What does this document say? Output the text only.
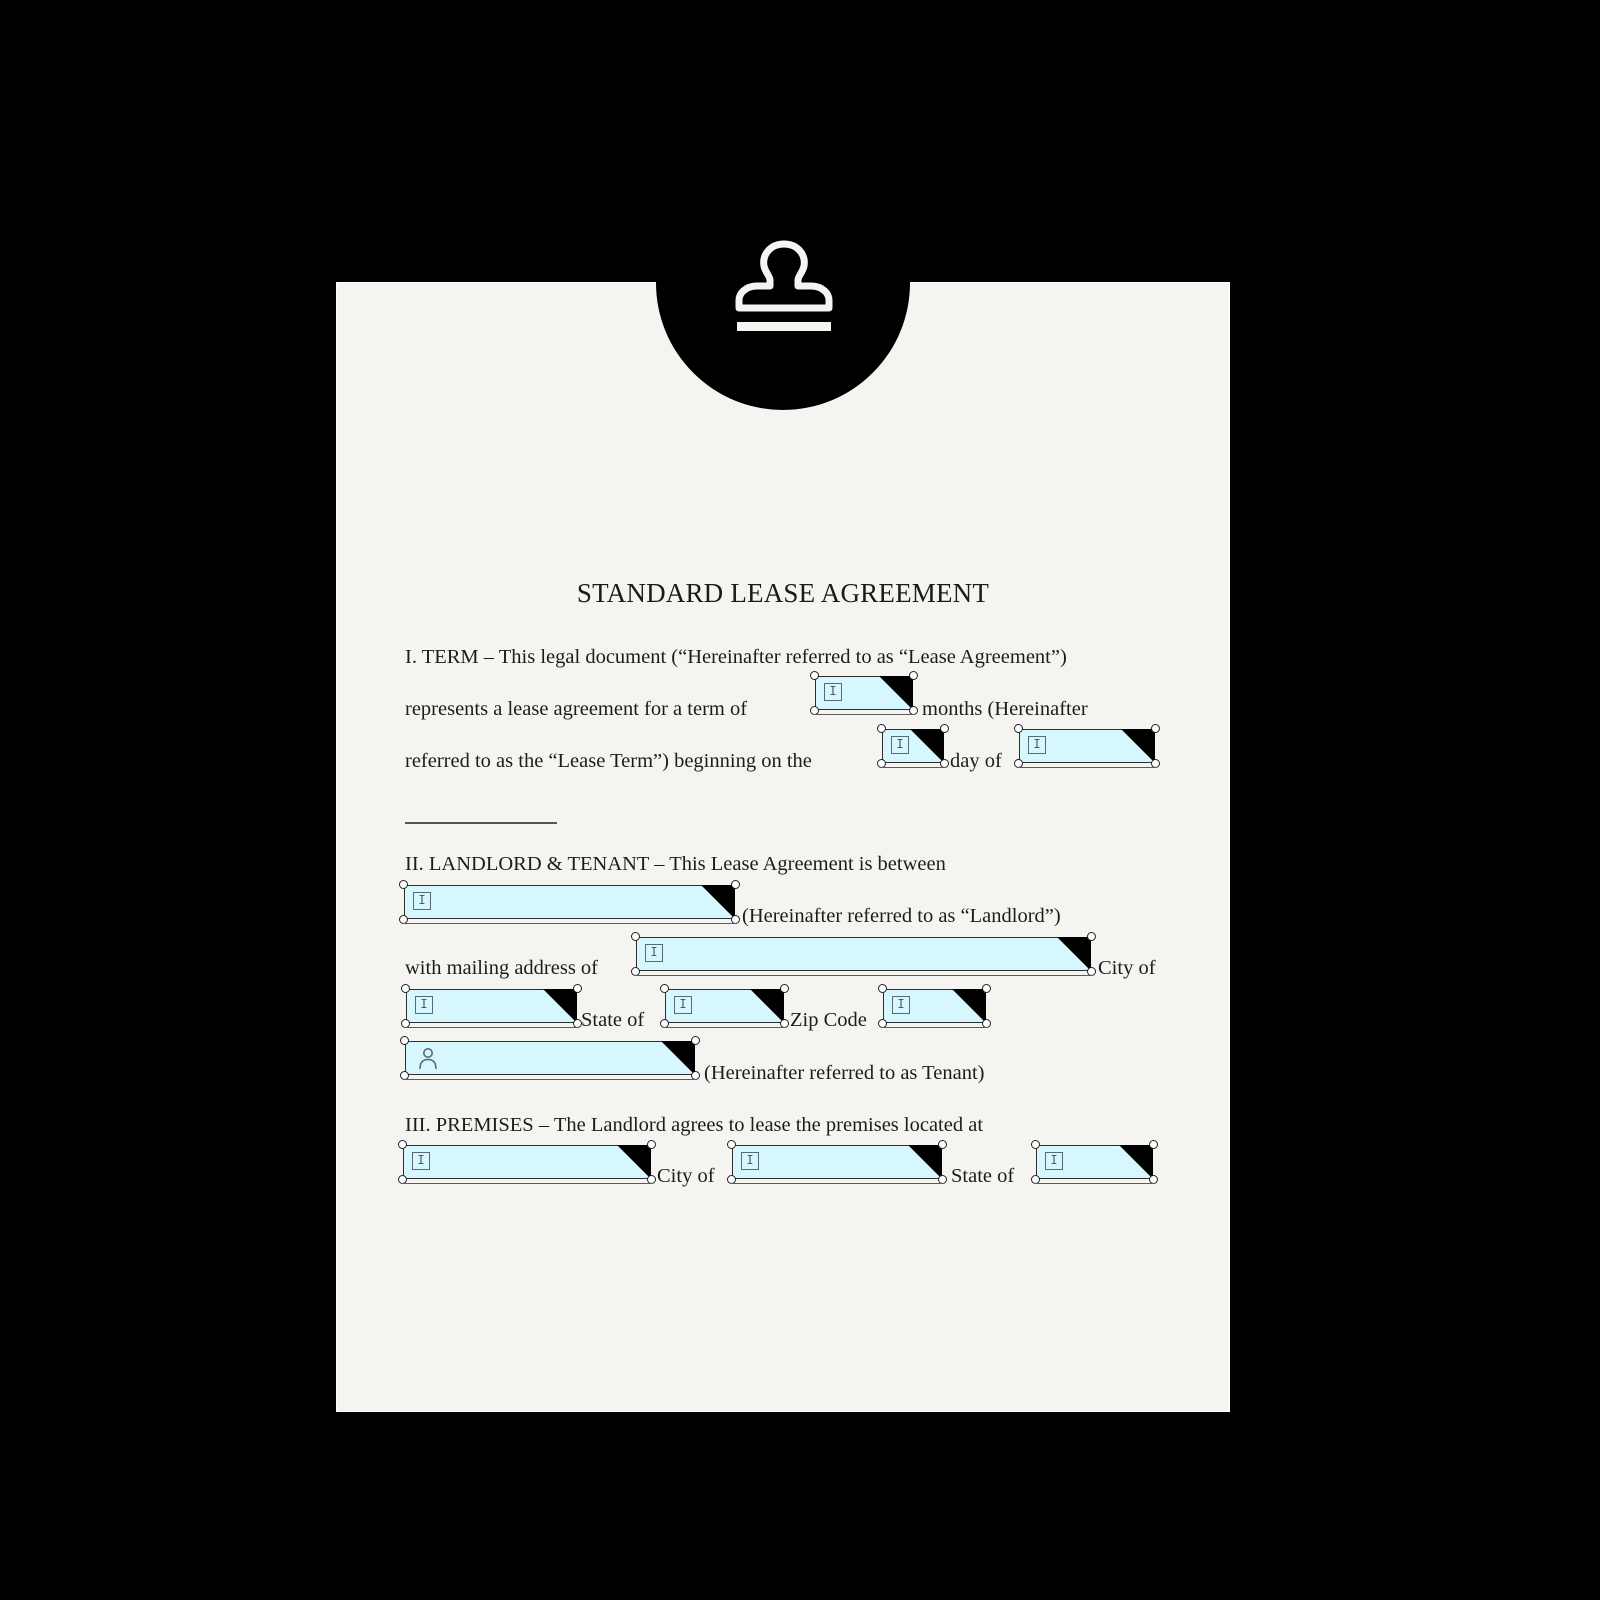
STANDARD LEASE AGREEMENT
I. TERM – This legal document (“Hereinafter referred to as “Lease Agreement”)
represents a lease agreement for a term of
I
months (Hereinafter
referred to as the “Lease Term”) beginning on the
I
day of
I
II. LANDLORD & TENANT – This Lease Agreement is between
I
(Hereinafter referred to as “Landlord”)
with mailing address of
I
City of
I
State of
I
Zip Code
I
(Hereinafter referred to as Tenant)
III. PREMISES – The Landlord agrees to lease the premises located at
I
City of
I
State of
I
